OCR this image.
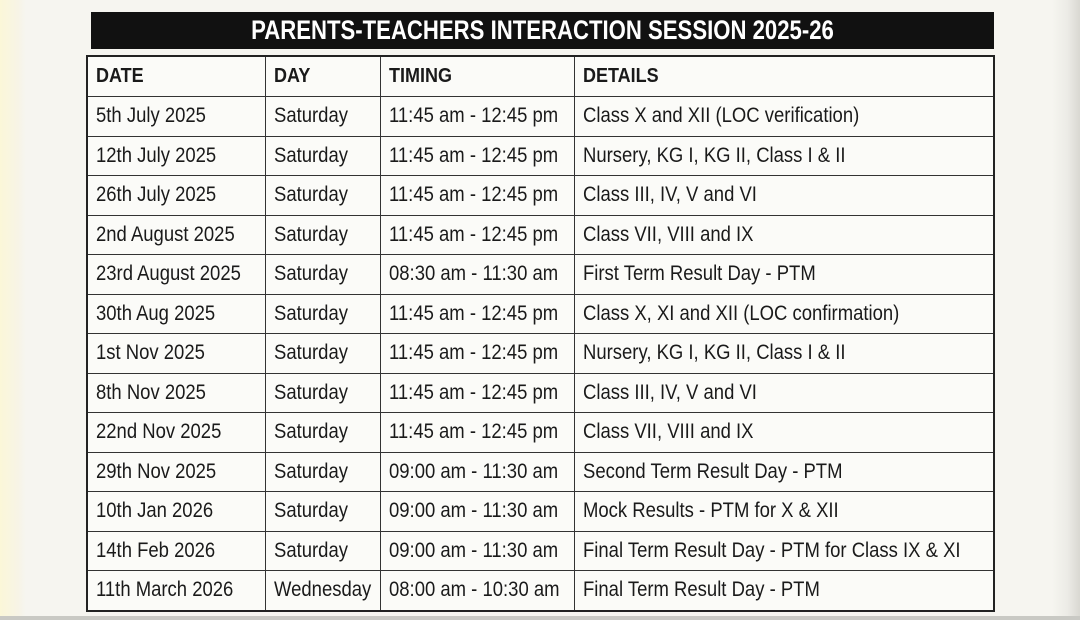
PARENTS-TEACHERS INTERACTION SESSION 2025-26
DATE	DAY	TIMING	DETAILS
5th July 2025	Saturday	11:45 am - 12:45 pm	Class X and XII (LOC verification)
12th July 2025	Saturday	11:45 am - 12:45 pm	Nursery, KG I, KG II, Class I & II
26th July 2025	Saturday	11:45 am - 12:45 pm	Class III, IV, V and VI
2nd August 2025	Saturday	11:45 am - 12:45 pm	Class VII, VIII and IX
23rd August 2025	Saturday	08:30 am - 11:30 am	First Term Result Day - PTM
30th Aug 2025	Saturday	11:45 am - 12:45 pm	Class X, XI and XII (LOC confirmation)
1st Nov 2025	Saturday	11:45 am - 12:45 pm	Nursery, KG I, KG II, Class I & II
8th Nov 2025	Saturday	11:45 am - 12:45 pm	Class III, IV, V and VI
22nd Nov 2025	Saturday	11:45 am - 12:45 pm	Class VII, VIII and IX
29th Nov 2025	Saturday	09:00 am - 11:30 am	Second Term Result Day - PTM
10th Jan 2026	Saturday	09:00 am - 11:30 am	Mock Results - PTM for X & XII
14th Feb 2026	Saturday	09:00 am - 11:30 am	Final Term Result Day - PTM for Class IX & XI
11th March 2026	Wednesday	08:00 am - 10:30 am	Final Term Result Day - PTM
